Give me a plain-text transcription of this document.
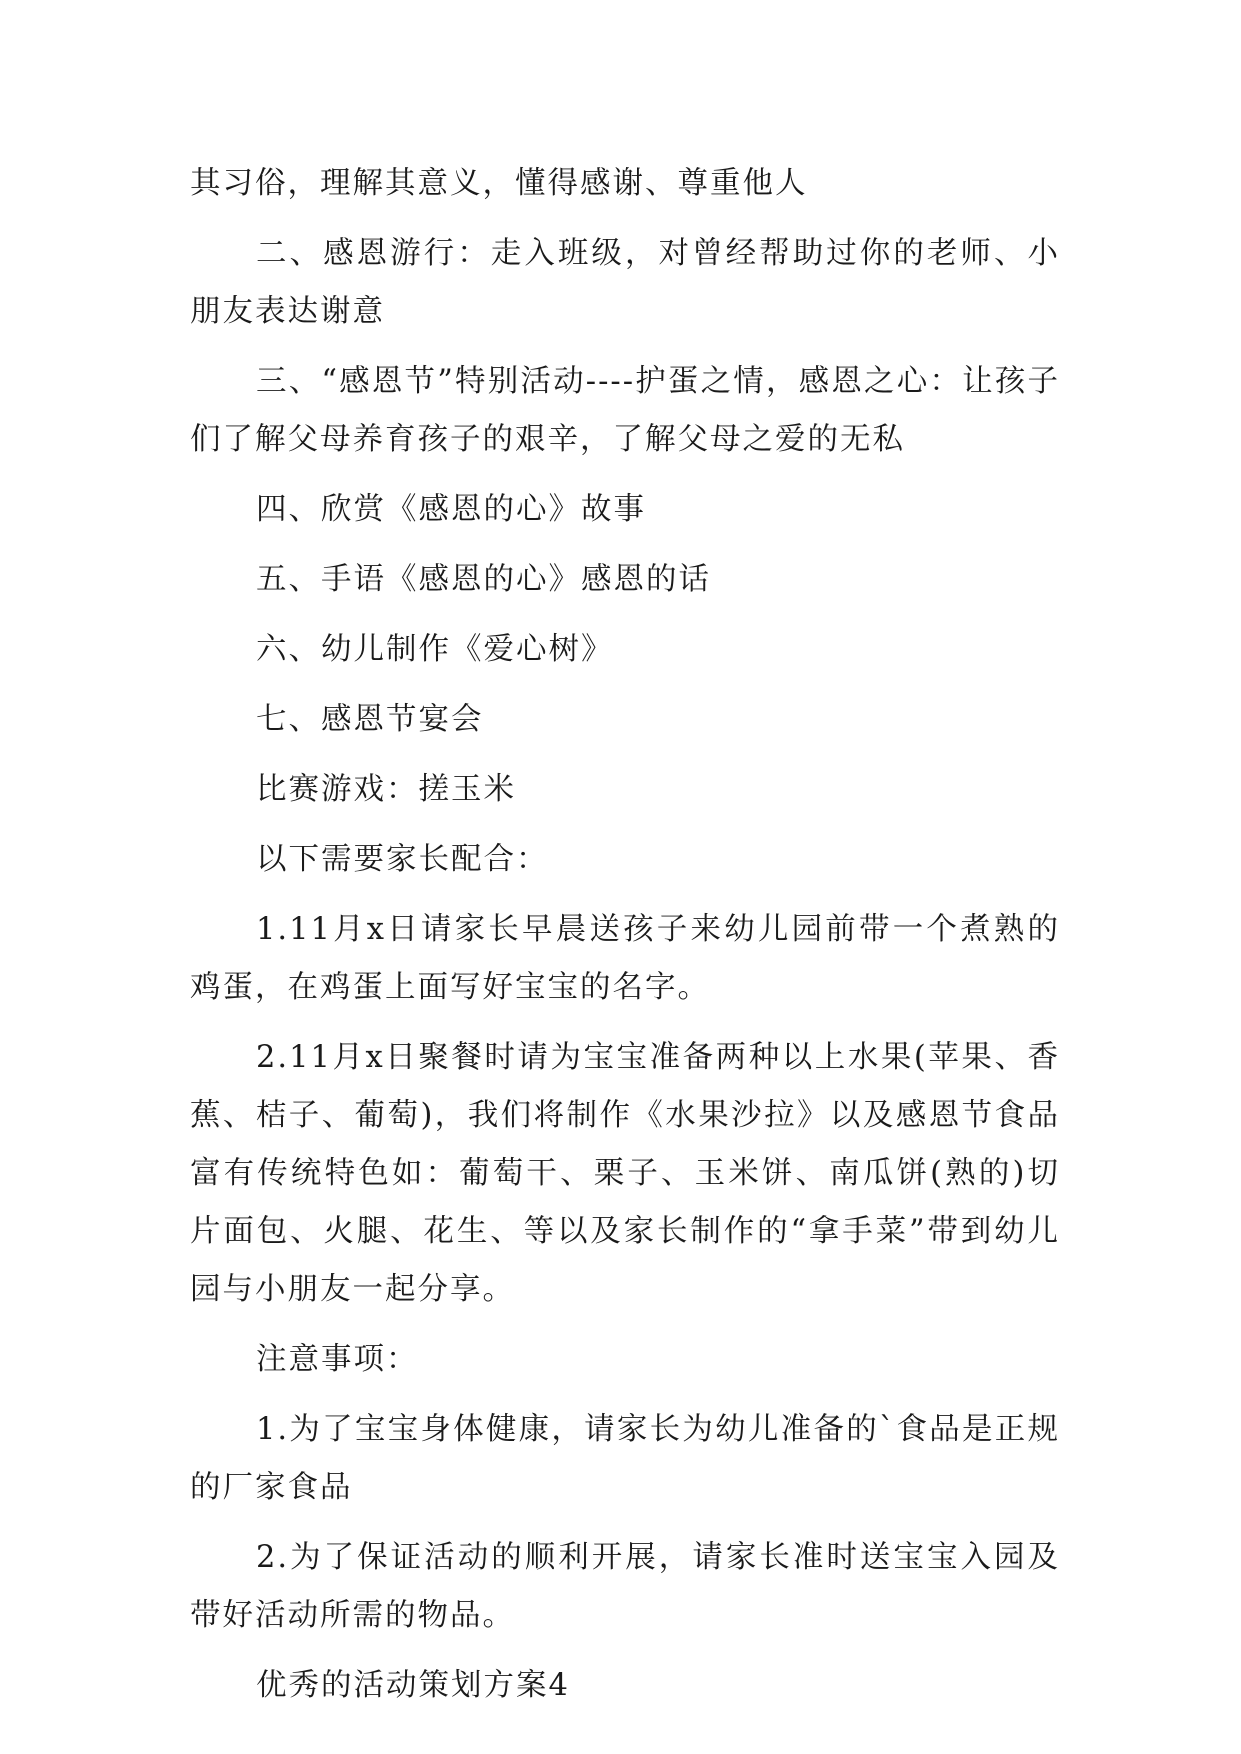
其习俗，理解其意义，懂得感谢、尊重他人

二、感恩游行：走入班级，对曾经帮助过你的老师、小朋友表达谢意

三、“感恩节”特别活动----护蛋之情，感恩之心：让孩子们了解父母养育孩子的艰辛，了解父母之爱的无私

四、欣赏《感恩的心》故事

五、手语《感恩的心》感恩的话

六、幼儿制作《爱心树》

七、感恩节宴会

比赛游戏：搓玉米

以下需要家长配合：

1.11月x日请家长早晨送孩子来幼儿园前带一个煮熟的鸡蛋，在鸡蛋上面写好宝宝的名字。

2.11月x日聚餐时请为宝宝准备两种以上水果(苹果、香蕉、桔子、葡萄)，我们将制作《水果沙拉》以及感恩节食品富有传统特色如：葡萄干、栗子、玉米饼、南瓜饼(熟的)切片面包、火腿、花生、等以及家长制作的“拿手菜”带到幼儿园与小朋友一起分享。

注意事项：

1.为了宝宝身体健康，请家长为幼儿准备的`食品是正规的厂家食品

2.为了保证活动的顺利开展，请家长准时送宝宝入园及带好活动所需的物品。

优秀的活动策划方案4
